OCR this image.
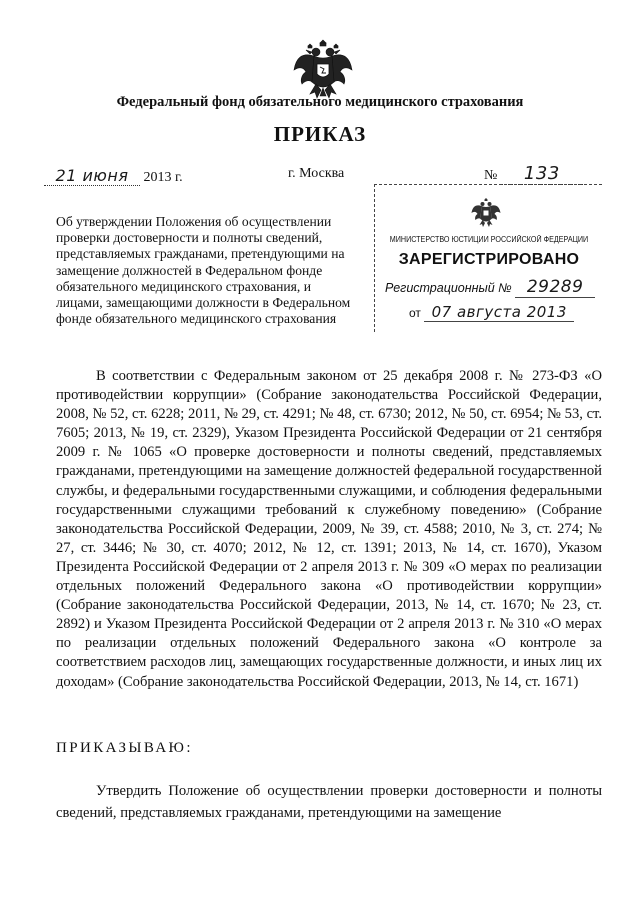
Федеральный фонд обязательного медицинского страхования
ПРИКАЗ
21 июня 2013 г.	г. Москва	№ 133
Об утверждении Положения об осуществлении
проверки достоверности и полноты сведений,
представляемых гражданами, претендующими на
замещение должностей в Федеральном фонде
обязательного медицинского страхования, и
лицами, замещающими должности в Федеральном
фонде обязательного медицинского страхования
МИНИСТЕРСТВО ЮСТИЦИИ РОССИЙСКОЙ ФЕДЕРАЦИИ
ЗАРЕГИСТРИРОВАНО
Регистрационный № 29289
от 07 августа 2013

В соответствии с Федеральным законом от 25 декабря 2008 г. № 273-ФЗ «О противодействии коррупции» (Собрание законодательства Российской Федерации, 2008, № 52, ст. 6228; 2011, № 29, ст. 4291; № 48, ст. 6730; 2012, № 50, ст. 6954; № 53, ст. 7605; 2013, № 19, ст. 2329), Указом Президента Российской Федерации от 21 сентября 2009 г. № 1065 «О проверке достоверности и полноты сведений, представляемых гражданами, претендующими на замещение должностей федеральной государственной службы, и федеральными государственными служащими, и соблюдения федеральными государственными служащими требований к служебному поведению» (Собрание законодательства Российской Федерации, 2009, № 39, ст. 4588; 2010, № 3, ст. 274; № 27, ст. 3446; № 30, ст. 4070; 2012, № 12, ст. 1391; 2013, № 14, ст. 1670), Указом Президента Российской Федерации от 2 апреля 2013 г. № 309 «О мерах по реализации отдельных положений Федерального закона «О противодействии коррупции» (Собрание законодательства Российской Федерации, 2013, № 14, ст. 1670; № 23, ст. 2892) и Указом Президента Российской Федерации от 2 апреля 2013 г. № 310 «О мерах по реализации отдельных положений Федерального закона «О контроле за соответствием расходов лиц, замещающих государственные должности, и иных лиц их доходам» (Собрание законодательства Российской Федерации, 2013, № 14, ст. 1671)

ПРИКАЗЫВАЮ:

Утвердить Положение об осуществлении проверки достоверности и полноты сведений, представляемых гражданами, претендующими на замещение
